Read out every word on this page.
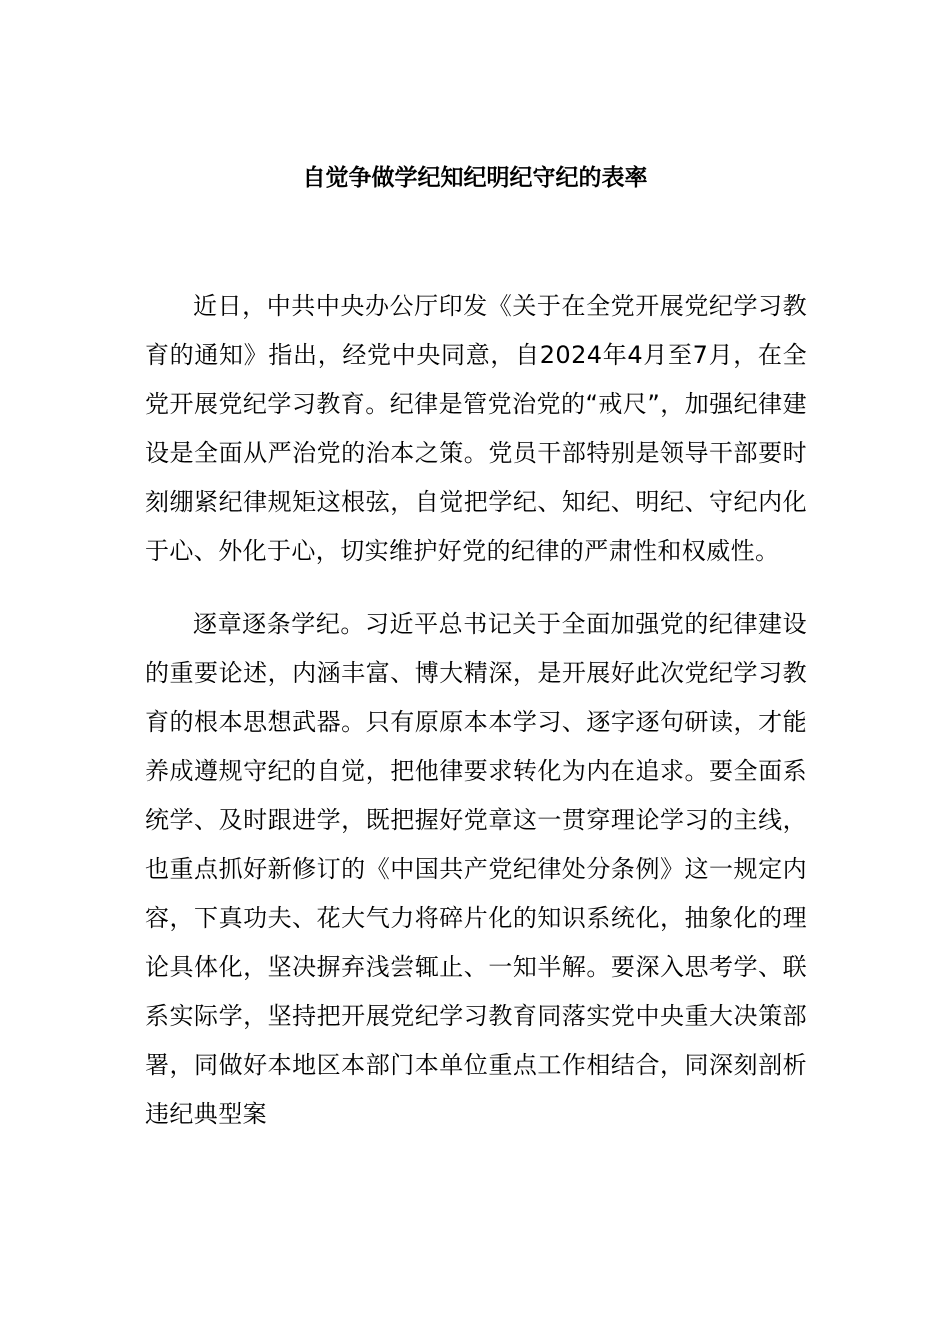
自觉争做学纪知纪明纪守纪的表率

近日，中共中央办公厅印发《关于在全党开展党纪学习教育的通知》指出，经党中央同意，自2024年4月至7月，在全党开展党纪学习教育。纪律是管党治党的“戒尺”，加强纪律建设是全面从严治党的治本之策。党员干部特别是领导干部要时刻绷紧纪律规矩这根弦，自觉把学纪、知纪、明纪、守纪内化于心、外化于心，切实维护好党的纪律的严肃性和权威性。

逐章逐条学纪。习近平总书记关于全面加强党的纪律建设的重要论述，内涵丰富、博大精深，是开展好此次党纪学习教育的根本思想武器。只有原原本本学习、逐字逐句研读，才能养成遵规守纪的自觉，把他律要求转化为内在追求。要全面系统学、及时跟进学，既把握好党章这一贯穿理论学习的主线，也重点抓好新修订的《中国共产党纪律处分条例》这一规定内容，下真功夫、花大气力将碎片化的知识系统化，抽象化的理论具体化，坚决摒弃浅尝辄止、一知半解。要深入思考学、联系实际学，坚持把开展党纪学习教育同落实党中央重大决策部署，同做好本地区本部门本单位重点工作相结合，同深刻剖析违纪典型案
